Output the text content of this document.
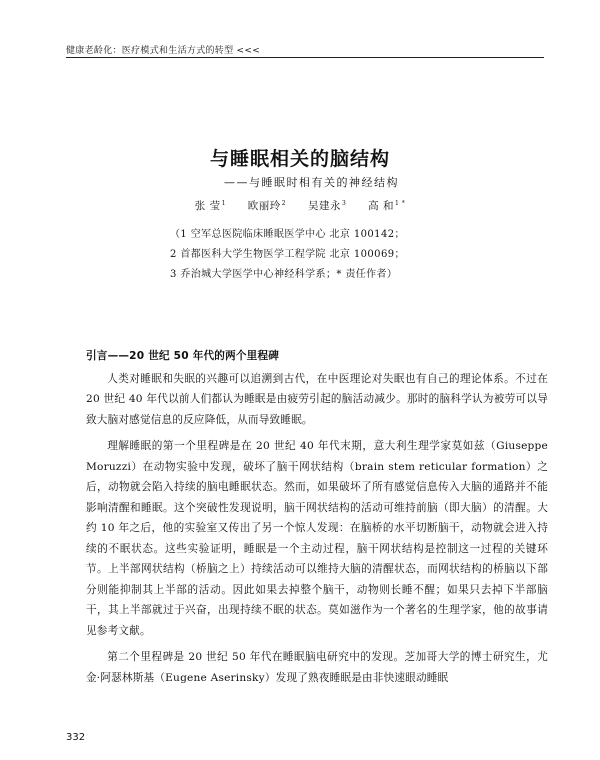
健康老龄化：医疗模式和生活方式的转型 <<<
与睡眠相关的脑结构
——与睡眠时相有关的神经结构
张 莹$^1$ 欧丽玲$^2$ 吴建永$^3$ 高 和$^{1 *}$
（1 空军总医院临床睡眠医学中心 北京 100142；
2 首都医科大学生物医学工程学院 北京 100069；
3 乔治城大学医学中心神经科学系；* 责任作者）
引言——20 世纪 50 年代的两个里程碑

人类对睡眠和失眠的兴趣可以追溯到古代，在中医理论对失眠也有自己的理论体系。不过在 20 世纪 40 年代以前人们都认为睡眠是由疲劳引起的脑活动减少。那时的脑科学认为被劳可以导致大脑对感觉信息的反应降低，从而导致睡眠。

理解睡眠的第一个里程碑是在 20 世纪 40 年代末期，意大利生理学家莫如兹（Giuseppe Moruzzi）在动物实验中发现，破坏了脑干网状结构（brain stem reticular formation）之后，动物就会陷入持续的脑电睡眠状态。然而，如果破坏了所有感觉信息传入大脑的通路并不能影响清醒和睡眠。这个突破性发现说明，脑干网状结构的活动可维持前脑（即大脑）的清醒。大约 10 年之后，他的实验室又传出了另一个惊人发现：在脑桥的水平切断脑干，动物就会进入持续的不眠状态。这些实验证明，睡眠是一个主动过程，脑干网状结构是控制这一过程的关键环节。上半部网状结构（桥脑之上）持续活动可以维持大脑的清醒状态，而网状结构的桥脑以下部分则能抑制其上半部的活动。因此如果去掉整个脑干，动物则长睡不醒；如果只去掉下半部脑干，其上半部就过于兴奋，出现持续不眠的状态。莫如滋作为一个著名的生理学家，他的故事请见参考文献。

第二个里程碑是 20 世纪 50 年代在睡眠脑电研究中的发现。芝加哥大学的博士研究生，尤金·阿瑟林斯基（Eugene Aserinsky）发现了熟夜睡眠是由非快速眼动睡眠

332
